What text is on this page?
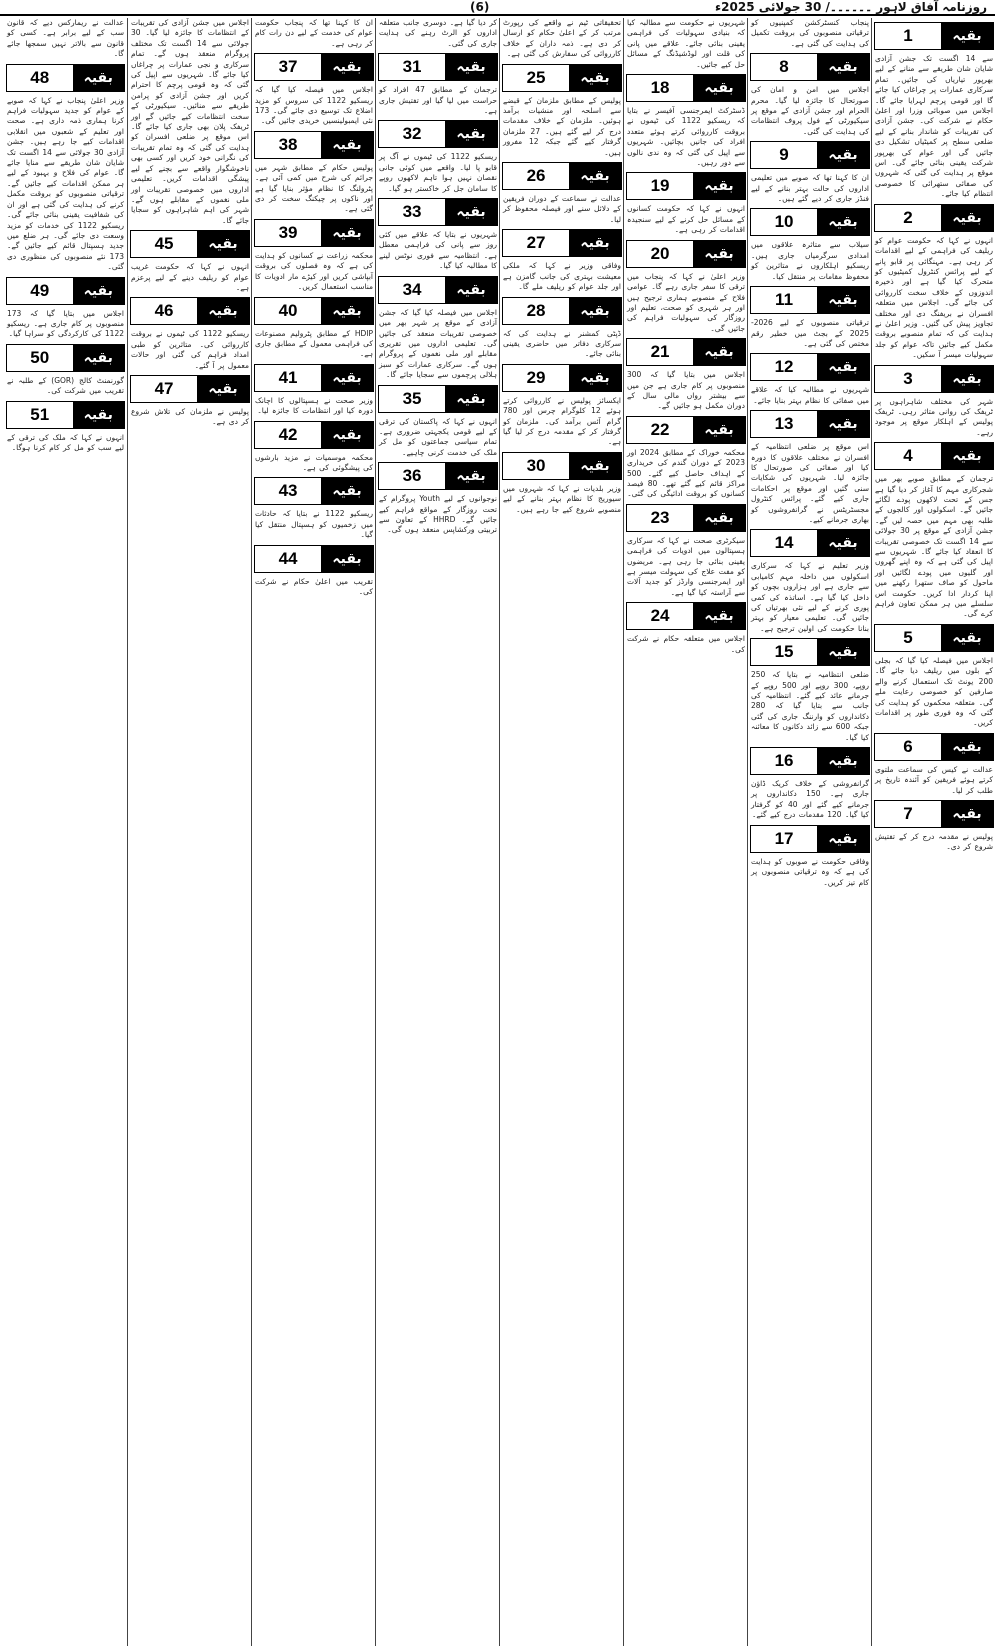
روزنامہ آفاق لاہور ۔۔۔۔۔۔/ 30 جولائی 2025ء
(6)
1	بقیہ
سے 14 اگست تک جشن آزادی شایان شان طریقے سے منانے کے لیے بھرپور تیاریاں کی جائیں۔ تمام سرکاری عمارات پر چراغاں کیا جائے گا اور قومی پرچم لہرایا جائے گا۔ اجلاس میں صوبائی وزرا اور اعلیٰ حکام نے شرکت کی۔ جشن آزادی کی تقریبات کو شاندار بنانے کے لیے ضلعی سطح پر کمیٹیاں تشکیل دی جائیں گی اور عوام کی بھرپور شرکت یقینی بنائی جائے گی۔ اس موقع پر ہدایت کی گئی کہ شہروں کی صفائی ستھرائی کا خصوصی انتظام کیا جائے۔
2	بقیہ
انہوں نے کہا کہ حکومت عوام کو ریلیف کی فراہمی کے لیے اقدامات کر رہی ہے۔ مہنگائی پر قابو پانے کے لیے پرائس کنٹرول کمیٹیوں کو متحرک کیا گیا ہے اور ذخیرہ اندوزوں کے خلاف سخت کارروائی کی جائے گی۔ اجلاس میں متعلقہ افسران نے بریفنگ دی اور مختلف تجاویز پیش کی گئیں۔ وزیر اعلیٰ نے ہدایت کی کہ تمام منصوبے بروقت مکمل کیے جائیں تاکہ عوام کو جلد سہولیات میسر آ سکیں۔
3	بقیہ
شہر کی مختلف شاہراہوں پر ٹریفک کی روانی متاثر رہی۔ ٹریفک پولیس کے اہلکار موقع پر موجود رہے۔
4	بقیہ
ترجمان کے مطابق صوبے بھر میں شجرکاری مہم کا آغاز کر دیا گیا ہے جس کے تحت لاکھوں پودے لگائے جائیں گے۔ اسکولوں اور کالجوں کے طلبہ بھی مہم میں حصہ لیں گے۔ جشن آزادی کے موقع پر 30 جولائی سے 14 اگست تک خصوصی تقریبات کا انعقاد کیا جائے گا۔ شہریوں سے اپیل کی گئی ہے کہ وہ اپنے گھروں اور گلیوں میں پودے لگائیں اور ماحول کو صاف ستھرا رکھنے میں اپنا کردار ادا کریں۔ حکومت اس سلسلے میں ہر ممکن تعاون فراہم کرے گی۔
5	بقیہ
اجلاس میں فیصلہ کیا گیا کہ بجلی کے بلوں میں ریلیف دیا جائے گا۔ 200 یونٹ تک استعمال کرنے والے صارفین کو خصوصی رعایت ملے گی۔ متعلقہ محکموں کو ہدایت کی گئی کہ وہ فوری طور پر اقدامات کریں۔
6	بقیہ
عدالت نے کیس کی سماعت ملتوی کرتے ہوئے فریقین کو آئندہ تاریخ پر طلب کر لیا۔
7	بقیہ
پولیس نے مقدمہ درج کر کے تفتیش شروع کر دی۔
پنجاب کنسٹرکشن کمپنیوں کو ترقیاتی منصوبوں کی بروقت تکمیل کی ہدایت کی گئی ہے۔
8	بقیہ
اجلاس میں امن و امان کی صورتحال کا جائزہ لیا گیا۔ محرم الحرام اور جشن آزادی کے موقع پر سیکیورٹی کے فول پروف انتظامات کی ہدایت کی گئی۔
9	بقیہ
ان کا کہنا تھا کہ صوبے میں تعلیمی اداروں کی حالت بہتر بنانے کے لیے فنڈز جاری کر دیے گئے ہیں۔
10	بقیہ
سیلاب سے متاثرہ علاقوں میں امدادی سرگرمیاں جاری ہیں۔ ریسکیو اہلکاروں نے متاثرین کو محفوظ مقامات پر منتقل کیا۔
11	بقیہ
ترقیاتی منصوبوں کے لیے 2026-2025 کے بجٹ میں خطیر رقم مختص کی گئی ہے۔
12	بقیہ
شہریوں نے مطالبہ کیا کہ علاقے میں صفائی کا نظام بہتر بنایا جائے۔
13	بقیہ
اس موقع پر ضلعی انتظامیہ کے افسران نے مختلف علاقوں کا دورہ کیا اور صفائی کی صورتحال کا جائزہ لیا۔ شہریوں کی شکایات سنی گئیں اور موقع پر احکامات جاری کیے گئے۔ پرائس کنٹرول مجسٹریٹس نے گرانفروشوں کو بھاری جرمانے کیے۔
14	بقیہ
وزیر تعلیم نے کہا کہ سرکاری اسکولوں میں داخلہ مہم کامیابی سے جاری ہے اور ہزاروں بچوں کو داخل کیا گیا ہے۔ اساتذہ کی کمی پوری کرنے کے لیے نئی بھرتیاں کی جائیں گی۔ تعلیمی معیار کو بہتر بنانا حکومت کی اولین ترجیح ہے۔
15	بقیہ
ضلعی انتظامیہ نے بتایا کہ 250 روپے، 300 روپے اور 500 روپے کے جرمانے عائد کیے گئے۔ انتظامیہ کی جانب سے بتایا گیا کہ 280 دکانداروں کو وارننگ جاری کی گئی جبکہ 600 سے زائد دکانوں کا معائنہ کیا گیا۔
16	بقیہ
گرانفروشی کے خلاف کریک ڈاؤن جاری ہے۔ 150 دکانداروں پر جرمانے کیے گئے اور 40 کو گرفتار کیا گیا۔ 120 مقدمات درج کیے گئے۔
17	بقیہ
وفاقی حکومت نے صوبوں کو ہدایت کی ہے کہ وہ ترقیاتی منصوبوں پر کام تیز کریں۔
شہریوں نے حکومت سے مطالبہ کیا کہ بنیادی سہولیات کی فراہمی یقینی بنائی جائے۔ علاقے میں پانی کی قلت اور لوڈشیڈنگ کے مسائل حل کیے جائیں۔
18	بقیہ
ڈسٹرکٹ ایمرجنسی آفیسر نے بتایا کہ ریسکیو 1122 کی ٹیموں نے بروقت کارروائی کرتے ہوئے متعدد افراد کی جانیں بچائیں۔ شہریوں سے اپیل کی گئی کہ وہ ندی نالوں سے دور رہیں۔
19	بقیہ
انہوں نے کہا کہ حکومت کسانوں کے مسائل حل کرنے کے لیے سنجیدہ اقدامات کر رہی ہے۔
20	بقیہ
وزیر اعلیٰ نے کہا کہ پنجاب میں ترقی کا سفر جاری رہے گا۔ عوامی فلاح کے منصوبے ہماری ترجیح ہیں اور ہر شہری کو صحت، تعلیم اور روزگار کی سہولیات فراہم کی جائیں گی۔
21	بقیہ
اجلاس میں بتایا گیا کہ 300 منصوبوں پر کام جاری ہے جن میں سے بیشتر رواں مالی سال کے دوران مکمل ہو جائیں گے۔
22	بقیہ
محکمہ خوراک کے مطابق 2024 اور 2023 کے دوران گندم کی خریداری کے اہداف حاصل کیے گئے۔ 500 مراکز قائم کیے گئے تھے۔ 80 فیصد کسانوں کو بروقت ادائیگی کی گئی۔
23	بقیہ
سیکرٹری صحت نے کہا کہ سرکاری ہسپتالوں میں ادویات کی فراہمی یقینی بنائی جا رہی ہے۔ مریضوں کو مفت علاج کی سہولت میسر ہے اور ایمرجنسی وارڈز کو جدید آلات سے آراستہ کیا گیا ہے۔
24	بقیہ
اجلاس میں متعلقہ حکام نے شرکت کی۔
تحقیقاتی ٹیم نے واقعے کی رپورٹ مرتب کر کے اعلیٰ حکام کو ارسال کر دی ہے۔ ذمہ داران کے خلاف کارروائی کی سفارش کی گئی ہے۔
25	بقیہ
پولیس کے مطابق ملزمان کے قبضے سے اسلحہ اور منشیات برآمد ہوئیں۔ ملزمان کے خلاف مقدمات درج کر لیے گئے ہیں۔ 27 ملزمان گرفتار کیے گئے جبکہ 12 مفرور ہیں۔
26	بقیہ
عدالت نے سماعت کے دوران فریقین کے دلائل سنے اور فیصلہ محفوظ کر لیا۔
27	بقیہ
وفاقی وزیر نے کہا کہ ملکی معیشت بہتری کی جانب گامزن ہے اور جلد عوام کو ریلیف ملے گا۔
28	بقیہ
ڈپٹی کمشنر نے ہدایت کی کہ سرکاری دفاتر میں حاضری یقینی بنائی جائے۔
29	بقیہ
ایکسائز پولیس نے کارروائی کرتے ہوئے 12 کلوگرام چرس اور 780 گرام آئس برآمد کی۔ ملزمان کو گرفتار کر کے مقدمہ درج کر لیا گیا ہے۔
30	بقیہ
وزیر بلدیات نے کہا کہ شہروں میں سیوریج کا نظام بہتر بنانے کے لیے منصوبے شروع کیے جا رہے ہیں۔
کر دیا گیا ہے۔ دوسری جانب متعلقہ اداروں کو الرٹ رہنے کی ہدایت جاری کی گئی۔
31	بقیہ
ترجمان کے مطابق 47 افراد کو حراست میں لیا گیا اور تفتیش جاری ہے۔
32	بقیہ
ریسکیو 1122 کی ٹیموں نے آگ پر قابو پا لیا۔ واقعے میں کوئی جانی نقصان نہیں ہوا تاہم لاکھوں روپے کا سامان جل کر خاکستر ہو گیا۔
33	بقیہ
شہریوں نے بتایا کہ علاقے میں کئی روز سے پانی کی فراہمی معطل ہے۔ انتظامیہ سے فوری نوٹس لینے کا مطالبہ کیا گیا۔
34	بقیہ
اجلاس میں فیصلہ کیا گیا کہ جشن آزادی کے موقع پر شہر بھر میں خصوصی تقریبات منعقد کی جائیں گی۔ تعلیمی اداروں میں تقریری مقابلے اور ملی نغموں کے پروگرام ہوں گے۔ سرکاری عمارات کو سبز ہلالی پرچموں سے سجایا جائے گا۔
35	بقیہ
انہوں نے کہا کہ پاکستان کی ترقی کے لیے قومی یکجہتی ضروری ہے۔ تمام سیاسی جماعتوں کو مل کر ملک کی خدمت کرنی چاہیے۔
36	بقیہ
نوجوانوں کے لیے Youth پروگرام کے تحت روزگار کے مواقع فراہم کیے جائیں گے۔ HHRD کے تعاون سے تربیتی ورکشاپس منعقد ہوں گی۔
ان کا کہنا تھا کہ پنجاب حکومت عوام کی خدمت کے لیے دن رات کام کر رہی ہے۔
37	بقیہ
اجلاس میں فیصلہ کیا گیا کہ ریسکیو 1122 کی سروس کو مزید اضلاع تک توسیع دی جائے گی۔ 173 نئی ایمبولینسیں خریدی جائیں گی۔
38	بقیہ
پولیس حکام کے مطابق شہر میں جرائم کی شرح میں کمی آئی ہے۔ پٹرولنگ کا نظام مؤثر بنایا گیا ہے اور ناکوں پر چیکنگ سخت کر دی گئی ہے۔
39	بقیہ
محکمہ زراعت نے کسانوں کو ہدایت کی ہے کہ وہ فصلوں کی بروقت آبپاشی کریں اور کیڑے مار ادویات کا مناسب استعمال کریں۔
40	بقیہ
HDIP کے مطابق پٹرولیم مصنوعات کی فراہمی معمول کے مطابق جاری ہے۔
41	بقیہ
وزیر صحت نے ہسپتالوں کا اچانک دورہ کیا اور انتظامات کا جائزہ لیا۔
42	بقیہ
محکمہ موسمیات نے مزید بارشوں کی پیشگوئی کی ہے۔
43	بقیہ
ریسکیو 1122 نے بتایا کہ حادثات میں زخمیوں کو ہسپتال منتقل کیا گیا۔
44	بقیہ
تقریب میں اعلیٰ حکام نے شرکت کی۔
اجلاس میں جشن آزادی کی تقریبات کے انتظامات کا جائزہ لیا گیا۔ 30 جولائی سے 14 اگست تک مختلف پروگرام منعقد ہوں گے۔ تمام سرکاری و نجی عمارات پر چراغاں کیا جائے گا۔ شہریوں سے اپیل کی گئی کہ وہ قومی پرچم کا احترام کریں اور جشن آزادی کو پرامن طریقے سے منائیں۔ سیکیورٹی کے سخت انتظامات کیے جائیں گے اور ٹریفک پلان بھی جاری کیا جائے گا۔ اس موقع پر ضلعی افسران کو ہدایت کی گئی کہ وہ تمام تقریبات کی نگرانی خود کریں اور کسی بھی ناخوشگوار واقعے سے بچنے کے لیے پیشگی اقدامات کریں۔ تعلیمی اداروں میں خصوصی تقریبات اور ملی نغموں کے مقابلے ہوں گے۔ شہر کی اہم شاہراہوں کو سجایا جائے گا۔
45	بقیہ
انہوں نے کہا کہ حکومت غریب عوام کو ریلیف دینے کے لیے پرعزم ہے۔
46	بقیہ
ریسکیو 1122 کی ٹیموں نے بروقت کارروائی کی۔ متاثرین کو طبی امداد فراہم کی گئی اور حالات معمول پر آ گئے۔
47	بقیہ
پولیس نے ملزمان کی تلاش شروع کر دی ہے۔
عدالت نے ریمارکس دیے کہ قانون سب کے لیے برابر ہے۔ کسی کو قانون سے بالاتر نہیں سمجھا جائے گا۔
48	بقیہ
وزیر اعلیٰ پنجاب نے کہا کہ صوبے کے عوام کو جدید سہولیات فراہم کرنا ہماری ذمہ داری ہے۔ صحت اور تعلیم کے شعبوں میں انقلابی اقدامات کیے جا رہے ہیں۔ جشن آزادی 30 جولائی سے 14 اگست تک شایان شان طریقے سے منایا جائے گا۔ عوام کی فلاح و بہبود کے لیے ہر ممکن اقدامات کیے جائیں گے۔ ترقیاتی منصوبوں کو بروقت مکمل کرنے کی ہدایت کی گئی ہے اور ان کی شفافیت یقینی بنائی جائے گی۔ ریسکیو 1122 کی خدمات کو مزید وسعت دی جائے گی۔ ہر ضلع میں جدید ہسپتال قائم کیے جائیں گے۔ 173 نئے منصوبوں کی منظوری دی گئی۔
49	بقیہ
اجلاس میں بتایا گیا کہ 173 منصوبوں پر کام جاری ہے۔ ریسکیو 1122 کی کارکردگی کو سراہا گیا۔
50	بقیہ
گورنمنٹ کالج (GOR) کے طلبہ نے تقریب میں شرکت کی۔
51	بقیہ
انہوں نے کہا کہ ملک کی ترقی کے لیے سب کو مل کر کام کرنا ہوگا۔
